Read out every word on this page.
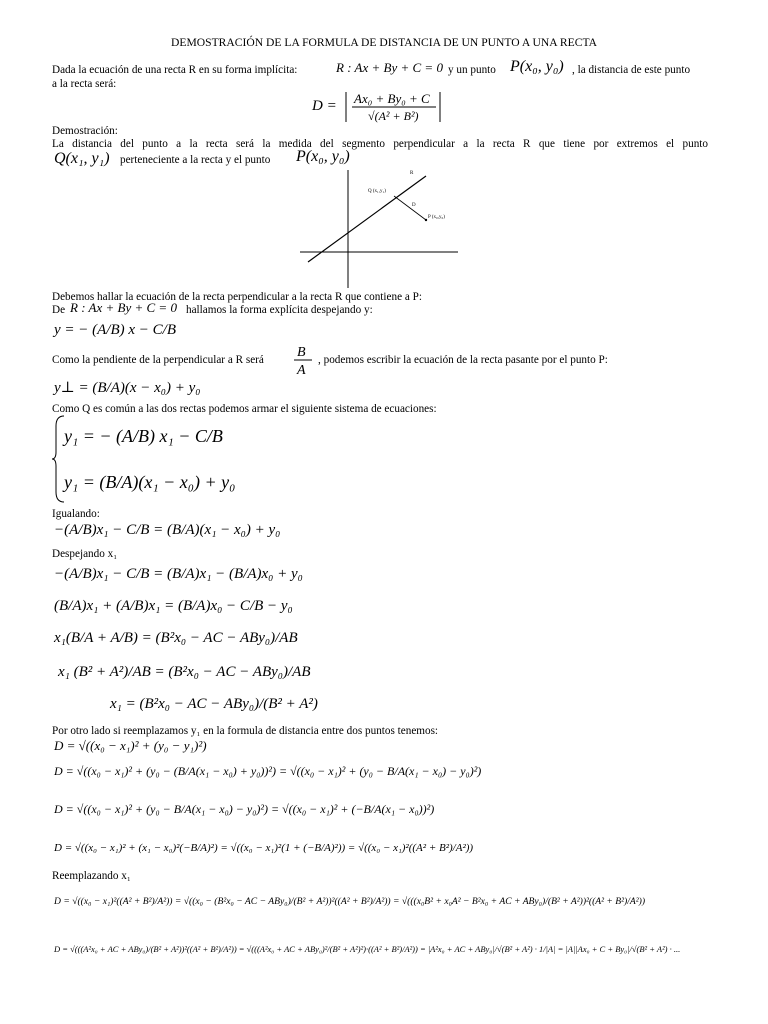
DEMOSTRACIÓN DE LA FORMULA DE DISTANCIA DE UN PUNTO A UNA RECTA
Dada la ecuación de una recta R en su forma implícita:	R : Ax + By + C = 0 y un punto P(x₀, y₀) , la distancia de este punto
a la recta será:
D = Ax₀ + By₀ + C
√(A² + B²)
Demostración:
La distancia del punto a la recta será la medida del segmento perpendicular a la recta R que tiene por extremos el punto
Q(x₁, y₁) perteneciente a la recta y el punto P(x₀, y₀)
R
Q (x₁,y₁)
D
P (x₀,y₀)
Debemos hallar la ecuación de la recta perpendicular a la recta R que contiene a P:
De R : Ax + By + C = 0 hallamos la forma explícita despejando y:
y = − (A/B) x − C/B
Como la pendiente de la perpendicular a R será B
A
, podemos escribir la ecuación de la recta pasante por el punto P:
y⊥ = (B/A)(x − x₀) + y₀
Como Q es común a las dos rectas podemos armar el siguiente sistema de ecuaciones:
y₁ = − (A/B) x₁ − C/B
y₁ = (B/A)(x₁ − x₀) + y₀
Igualando:
−(A/B)x₁ − C/B = (B/A)(x₁ − x₀) + y₀
Despejando x₁
−(A/B)x₁ − C/B = (B/A)x₁ − (B/A)x₀ + y₀
(B/A)x₁ + (A/B)x₁ = (B/A)x₀ − C/B − y₀
x₁(B/A + A/B) = (B²x₀ − AC − ABy₀)/AB
x₁ (B² + A²)/AB = (B²x₀ − AC − ABy₀)/AB
x₁ = (B²x₀ − AC − ABy₀)/(B² + A²)
Por otro lado si reemplazamos y₁ en la formula de distancia entre dos puntos tenemos:
D = √((x₀ − x₁)² + (y₀ − y₁)²)
D = √((x₀ − x₁)² + (y₀ − (B/A(x₁ − x₀) + y₀))²) = √((x₀ − x₁)² + (y₀ − B/A(x₁ − x₀) − y₀)²)
D = √((x₀ − x₁)² + (y₀ − B/A(x₁ − x₀) − y₀)²) = √((x₀ − x₁)² + (−B/A(x₁ − x₀))²)
D = √((x₀ − x₁)² + (x₁ − x₀)²(−B/A)²) = √((x₀ − x₁)²(1 + (−B/A)²)) = √((x₀ − x₁)²((A² + B²)/A²))
Reemplazando x₁
D = √((x₀ − x₁)²((A² + B²)/A²)) = √((x₀ − (B²x₀ − AC − ABy₀)/(B² + A²))²((A² + B²)/A²)) = √(((x₀B² + x₀A² − B²x₀ + AC + ABy₀)/(B² + A²))²((A² + B²)/A²))
D = √(((A²x₀ + AC + ABy₀)/(B² + A²))²((A² + B²)/A²)) = √(((A²x₀ + AC + ABy₀)²/(B² + A²)²)·((A² + B²)/A²)) = |A²x₀ + AC + ABy₀|/√(B² + A²) · 1/|A| = |A||Ax₀ + C + By₀|/√(B² + A²) · ...
